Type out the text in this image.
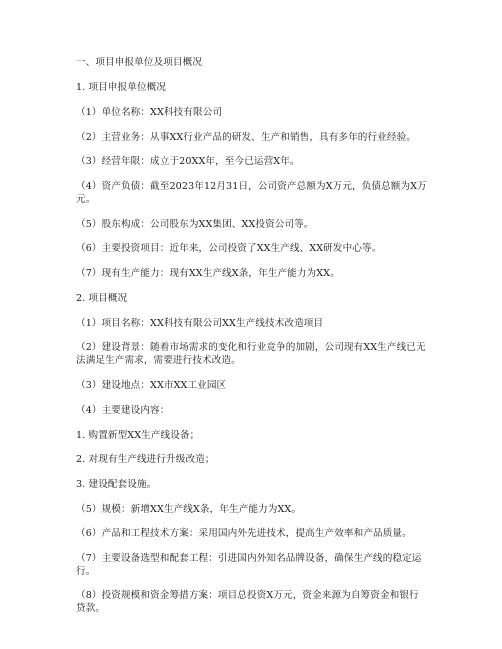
一、项目申报单位及项目概况
1. 项目申报单位概况
（1）单位名称：XX科技有限公司
（2）主营业务：从事XX行业产品的研发、生产和销售，具有多年的行业经验。
（3）经营年限：成立于20XX年，至今已运营X年。
（4）资产负债：截至2023年12月31日，公司资产总额为X万元，负债总额为X万元。
（5）股东构成：公司股东为XX集团、XX投资公司等。
（6）主要投资项目：近年来，公司投资了XX生产线、XX研发中心等。
（7）现有生产能力：现有XX生产线X条，年生产能力为XX。
2. 项目概况
（1）项目名称：XX科技有限公司XX生产线技术改造项目
（2）建设背景：随着市场需求的变化和行业竞争的加剧，公司现有XX生产线已无法满足生产需求，需要进行技术改造。
（3）建设地点：XX市XX工业园区
（4）主要建设内容：
1. 购置新型XX生产线设备；
2. 对现有生产线进行升级改造；
3. 建设配套设施。
（5）规模：新增XX生产线X条，年生产能力为XX。
（6）产品和工程技术方案：采用国内外先进技术，提高生产效率和产品质量。
（7）主要设备选型和配套工程：引进国内外知名品牌设备，确保生产线的稳定运行。
（8）投资规模和资金筹措方案：项目总投资X万元，资金来源为自筹资金和银行贷款。
